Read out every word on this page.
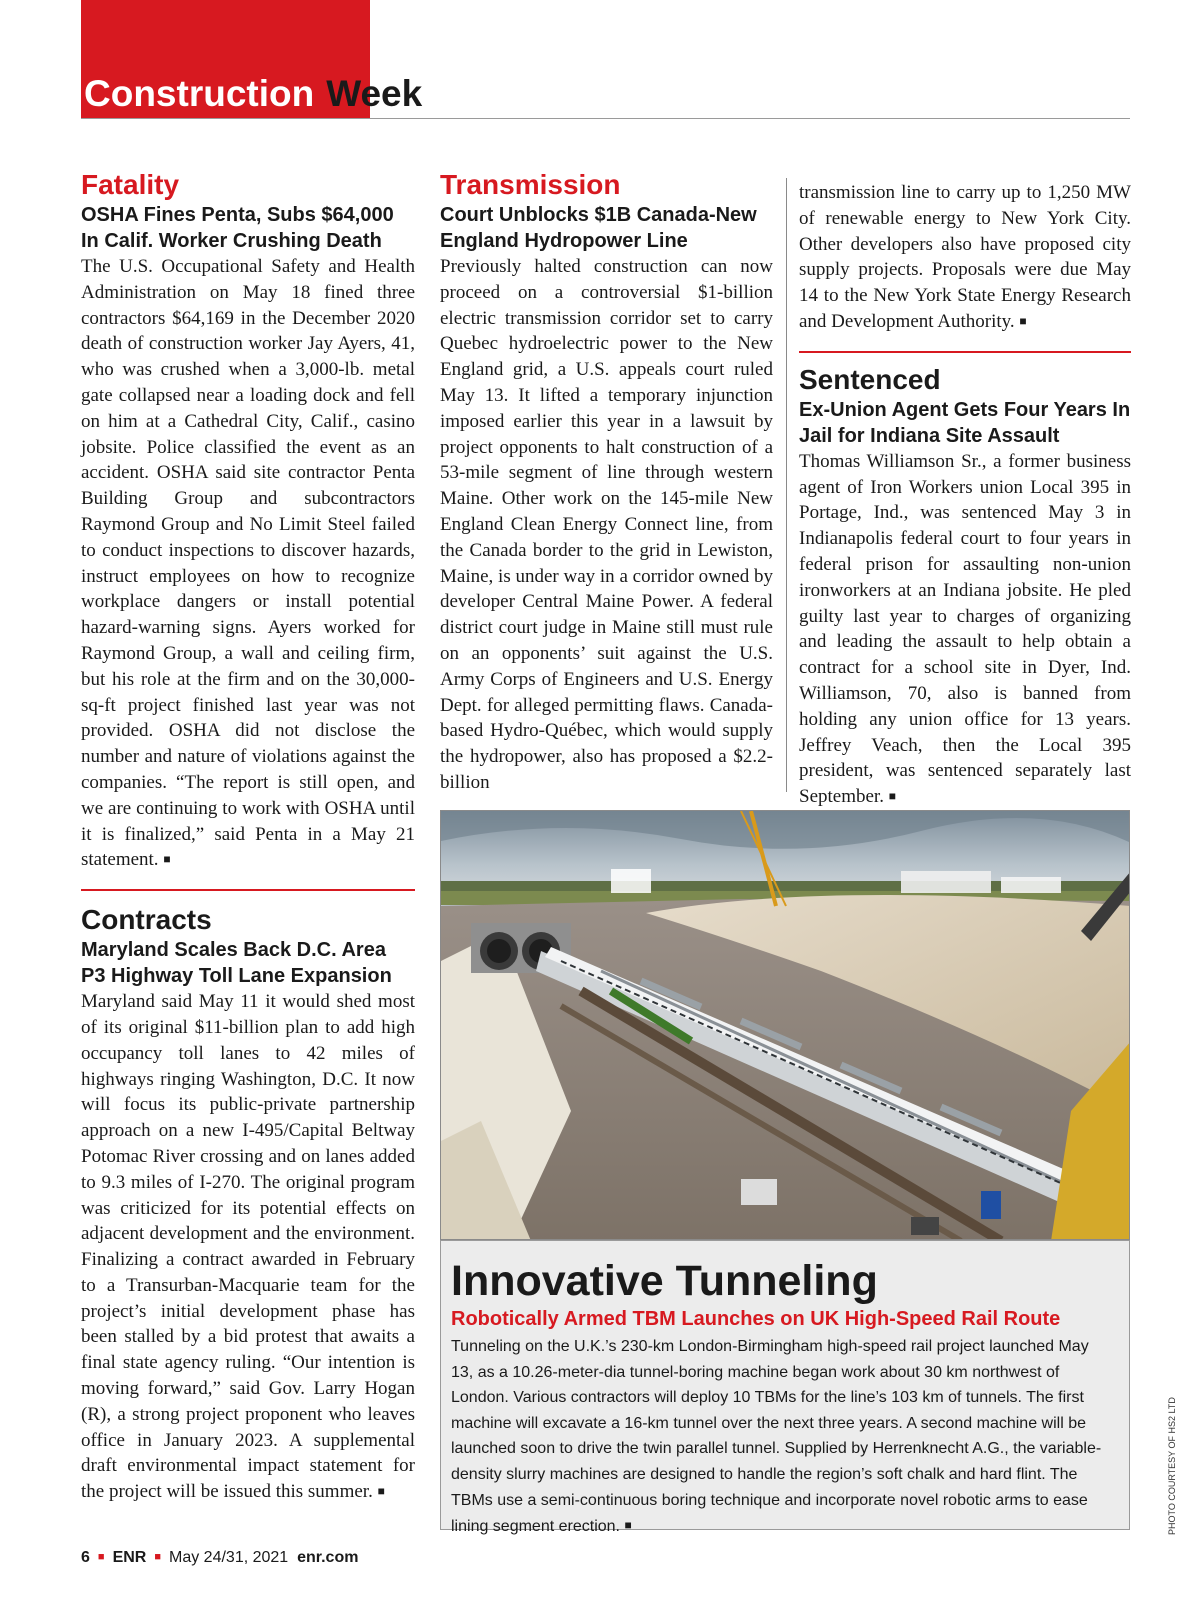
Construction Week
Fatality
OSHA Fines Penta, Subs $64,000 In Calif. Worker Crushing Death

The U.S. Occupational Safety and Health Administration on May 18 fined three contractors $64,169 in the December 2020 death of construction worker Jay Ayers, 41, who was crushed when a 3,000-lb. metal gate collapsed near a loading dock and fell on him at a Cathedral City, Calif., casino jobsite. Police classified the event as an accident. OSHA said site contractor Penta Building Group and subcontractors Raymond Group and No Limit Steel failed to conduct inspections to discover hazards, instruct employees on how to recognize workplace dangers or install potential hazard-warning signs. Ayers worked for Raymond Group, a wall and ceiling firm, but his role at the firm and on the 30,000-sq-ft project finished last year was not provided. OSHA did not disclose the number and nature of violations against the companies. “The report is still open, and we are continuing to work with OSHA until it is finalized,” said Penta in a May 21 statement. ■

Contracts
Maryland Scales Back D.C. Area P3 Highway Toll Lane Expansion

Maryland said May 11 it would shed most of its original $11-billion plan to add high occupancy toll lanes to 42 miles of highways ringing Washington, D.C. It now will focus its public-private partnership approach on a new I-495/Capital Beltway Potomac River crossing and on lanes added to 9.3 miles of I-270. The original program was criticized for its potential effects on adjacent development and the environment. Finalizing a contract awarded in February to a Transurban-Macquarie team for the project’s initial development phase has been stalled by a bid protest that awaits a final state agency ruling. “Our intention is moving forward,” said Gov. Larry Hogan (R), a strong project proponent who leaves office in January 2023. A supplemental draft environmental impact statement for the project will be issued this summer. ■

Transmission
Court Unblocks $1B Canada-New England Hydropower Line

Previously halted construction can now proceed on a controversial $1-billion electric transmission corridor set to carry Quebec hydroelectric power to the New England grid, a U.S. appeals court ruled May 13. It lifted a temporary injunction imposed earlier this year in a lawsuit by project opponents to halt construction of a 53-mile segment of line through western Maine. Other work on the 145-mile New England Clean Energy Connect line, from the Canada border to the grid in Lewiston, Maine, is under way in a corridor owned by developer Central Maine Power. A federal district court judge in Maine still must rule on an opponents’ suit against the U.S. Army Corps of Engineers and U.S. Energy Dept. for alleged permitting flaws. Canada-based Hydro-Québec, which would supply the hydropower, also has proposed a $2.2-billion

transmission line to carry up to 1,250 MW of renewable energy to New York City. Other developers also have proposed city supply projects. Proposals were due May 14 to the New York State Energy Research and Development Authority. ■

Sentenced
Ex-Union Agent Gets Four Years In Jail for Indiana Site Assault

Thomas Williamson Sr., a former business agent of Iron Workers union Local 395 in Portage, Ind., was sentenced May 3 in Indianapolis federal court to four years in federal prison for assaulting non-union ironworkers at an Indiana jobsite. He pled guilty last year to charges of organizing and leading the assault to help obtain a contract for a school site in Dyer, Ind. Williamson, 70, also is banned from holding any union office for 13 years. Jeffrey Veach, then the Local 395 president, was sentenced separately last September. ■

Innovative Tunneling
Robotically Armed TBM Launches on UK High-Speed Rail Route
Tunneling on the U.K.’s 230-km London-Birmingham high-speed rail project launched May 13, as a 10.26-meter-dia tunnel-boring machine began work about 30 km northwest of London. Various contractors will deploy 10 TBMs for the line’s 103 km of tunnels. The first machine will excavate a 16-km tunnel over the next three years. A second machine will be launched soon to drive the twin parallel tunnel. Supplied by Herrenknecht A.G., the variable-density slurry machines are designed to handle the region’s soft chalk and hard flint. The TBMs use a semi-continuous boring technique and incorporate novel robotic arms to ease lining segment erection. ■	PHOTO COURTESY OF HS2 LTD
6 ■ ENR ■ May 24/31, 2021 enr.com
